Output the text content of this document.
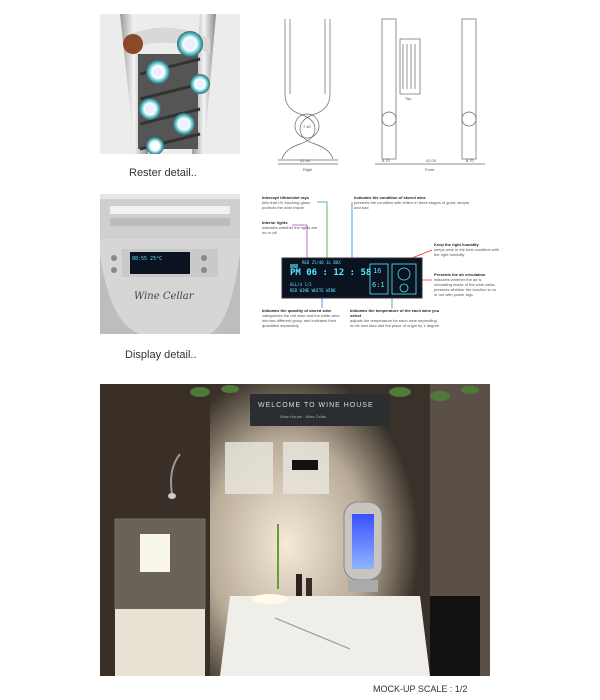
Rester detail..
7.40
31.60	8.70	42.00	8.70
Right
Top
Front
08:55 25°C
Wine Cellar
Display detail..
RED 25/40 3L BOX
PM 06 : 12 : 58
ALL/4 1/2
RED WINE WHITE WINE
16
6:1
Intercept Ultraviolet rays
tells that UV blocking glass protects the wine inside
Interior lights
indicates whether the lights are on or off
Indicates the condition of stored wine
presents the condition with letters in three stages of good, simple, and bad
Keep the right humidity
keeps wine in the best condition with the right humidity
Presents the air circulation
indicates whether the air is circulating inside of the wine cellar, presents whether the function is on or not with power sign
Indicates the quantity of stored wine
categorizes the red wine and the white wine into two different group and indicates their quantities separately
Indicates the temperature of the each wine you select
adjusts the temperature for each wine depending on its own kind and the place of origin by 1 degree
WELCOME TO WINE HOUSE
Wine House · Wine Cellar
MOCK-UP SCALE : 1/2
